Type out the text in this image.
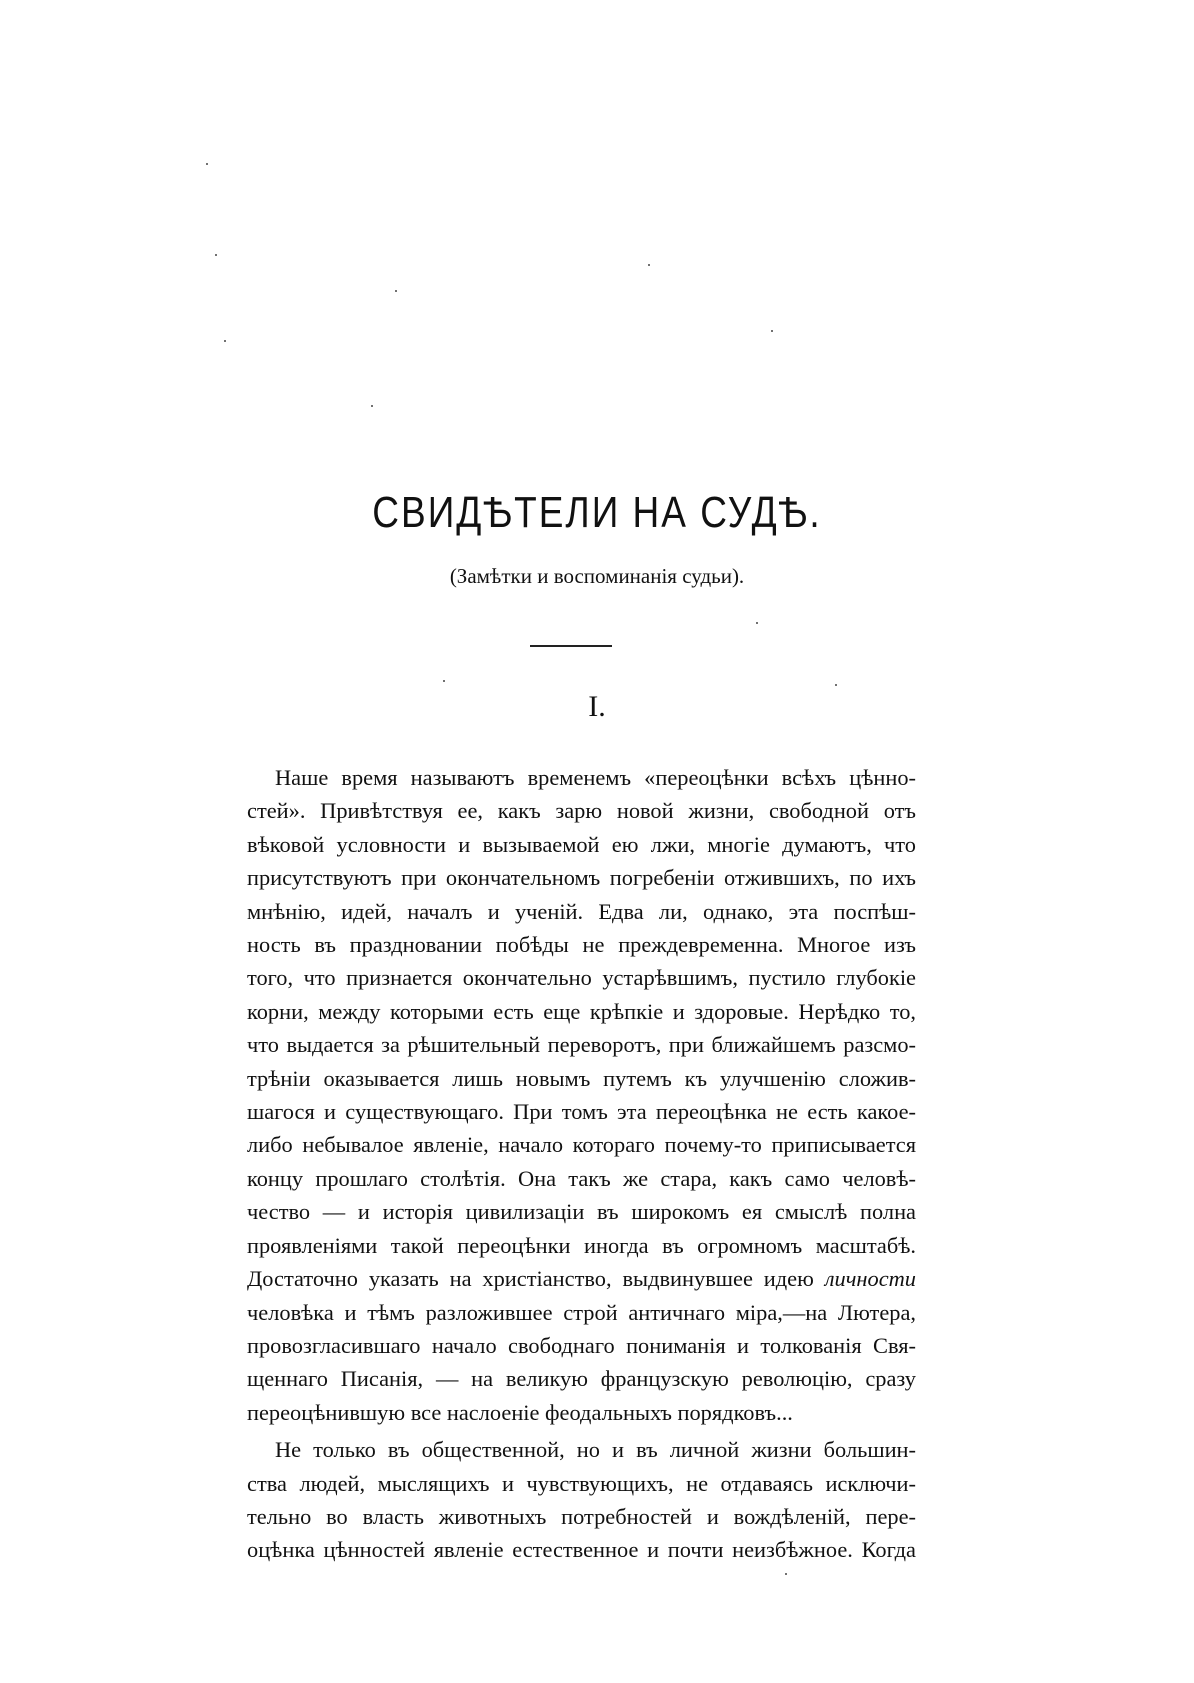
СВИДѢТЕЛИ НА СУДѢ.
(Замѣтки и воспоминанія судьи).
I.
Наше время называютъ временемъ «переоцѣнки всѣхъ цѣнно-
стей». Привѣтствуя ее, какъ зарю новой жизни, свободной отъ
вѣковой условности и вызываемой ею лжи, многіе думаютъ, что
присутствуютъ при окончательномъ погребеніи отжившихъ, по ихъ
мнѣнію, идей, началъ и ученій. Едва ли, однако, эта поспѣш-
ность въ праздновании побѣды не преждевременна. Многое изъ
того, что признается окончательно устарѣвшимъ, пустило глубокіе
корни, между которыми есть еще крѣпкіе и здоровые. Нерѣдко то,
что выдается за рѣшительный переворотъ, при ближайшемъ разсмо-
трѣніи оказывается лишь новымъ путемъ къ улучшенію сложив-
шагося и существующаго. При томъ эта переоцѣнка не есть какое-
либо небывалое явленіе, начало котораго почему-то приписывается
концу прошлаго столѣтія. Она такъ же стара, какъ само человѣ-
чество — и исторія цивилизаціи въ широкомъ ея смыслѣ полна
проявленіями такой переоцѣнки иногда въ огромномъ масштабѣ.
Достаточно указать на христіанство, выдвинувшее идею личности
человѣка и тѣмъ разложившее строй античнаго міра,—на Лютера,
провозгласившаго начало свободнаго пониманія и толкованія Свя-
щеннаго Писанія, — на великую французскую революцію, сразу
переоцѣнившую все наслоеніе феодальныхъ порядковъ...
Не только въ общественной, но и въ личной жизни большин-
ства людей, мыслящихъ и чувствующихъ, не отдаваясь исключи-
тельно во власть животныхъ потребностей и вождѣленій, пере-
оцѣнка цѣнностей явленіе естественное и почти неизбѣжное. Когда
